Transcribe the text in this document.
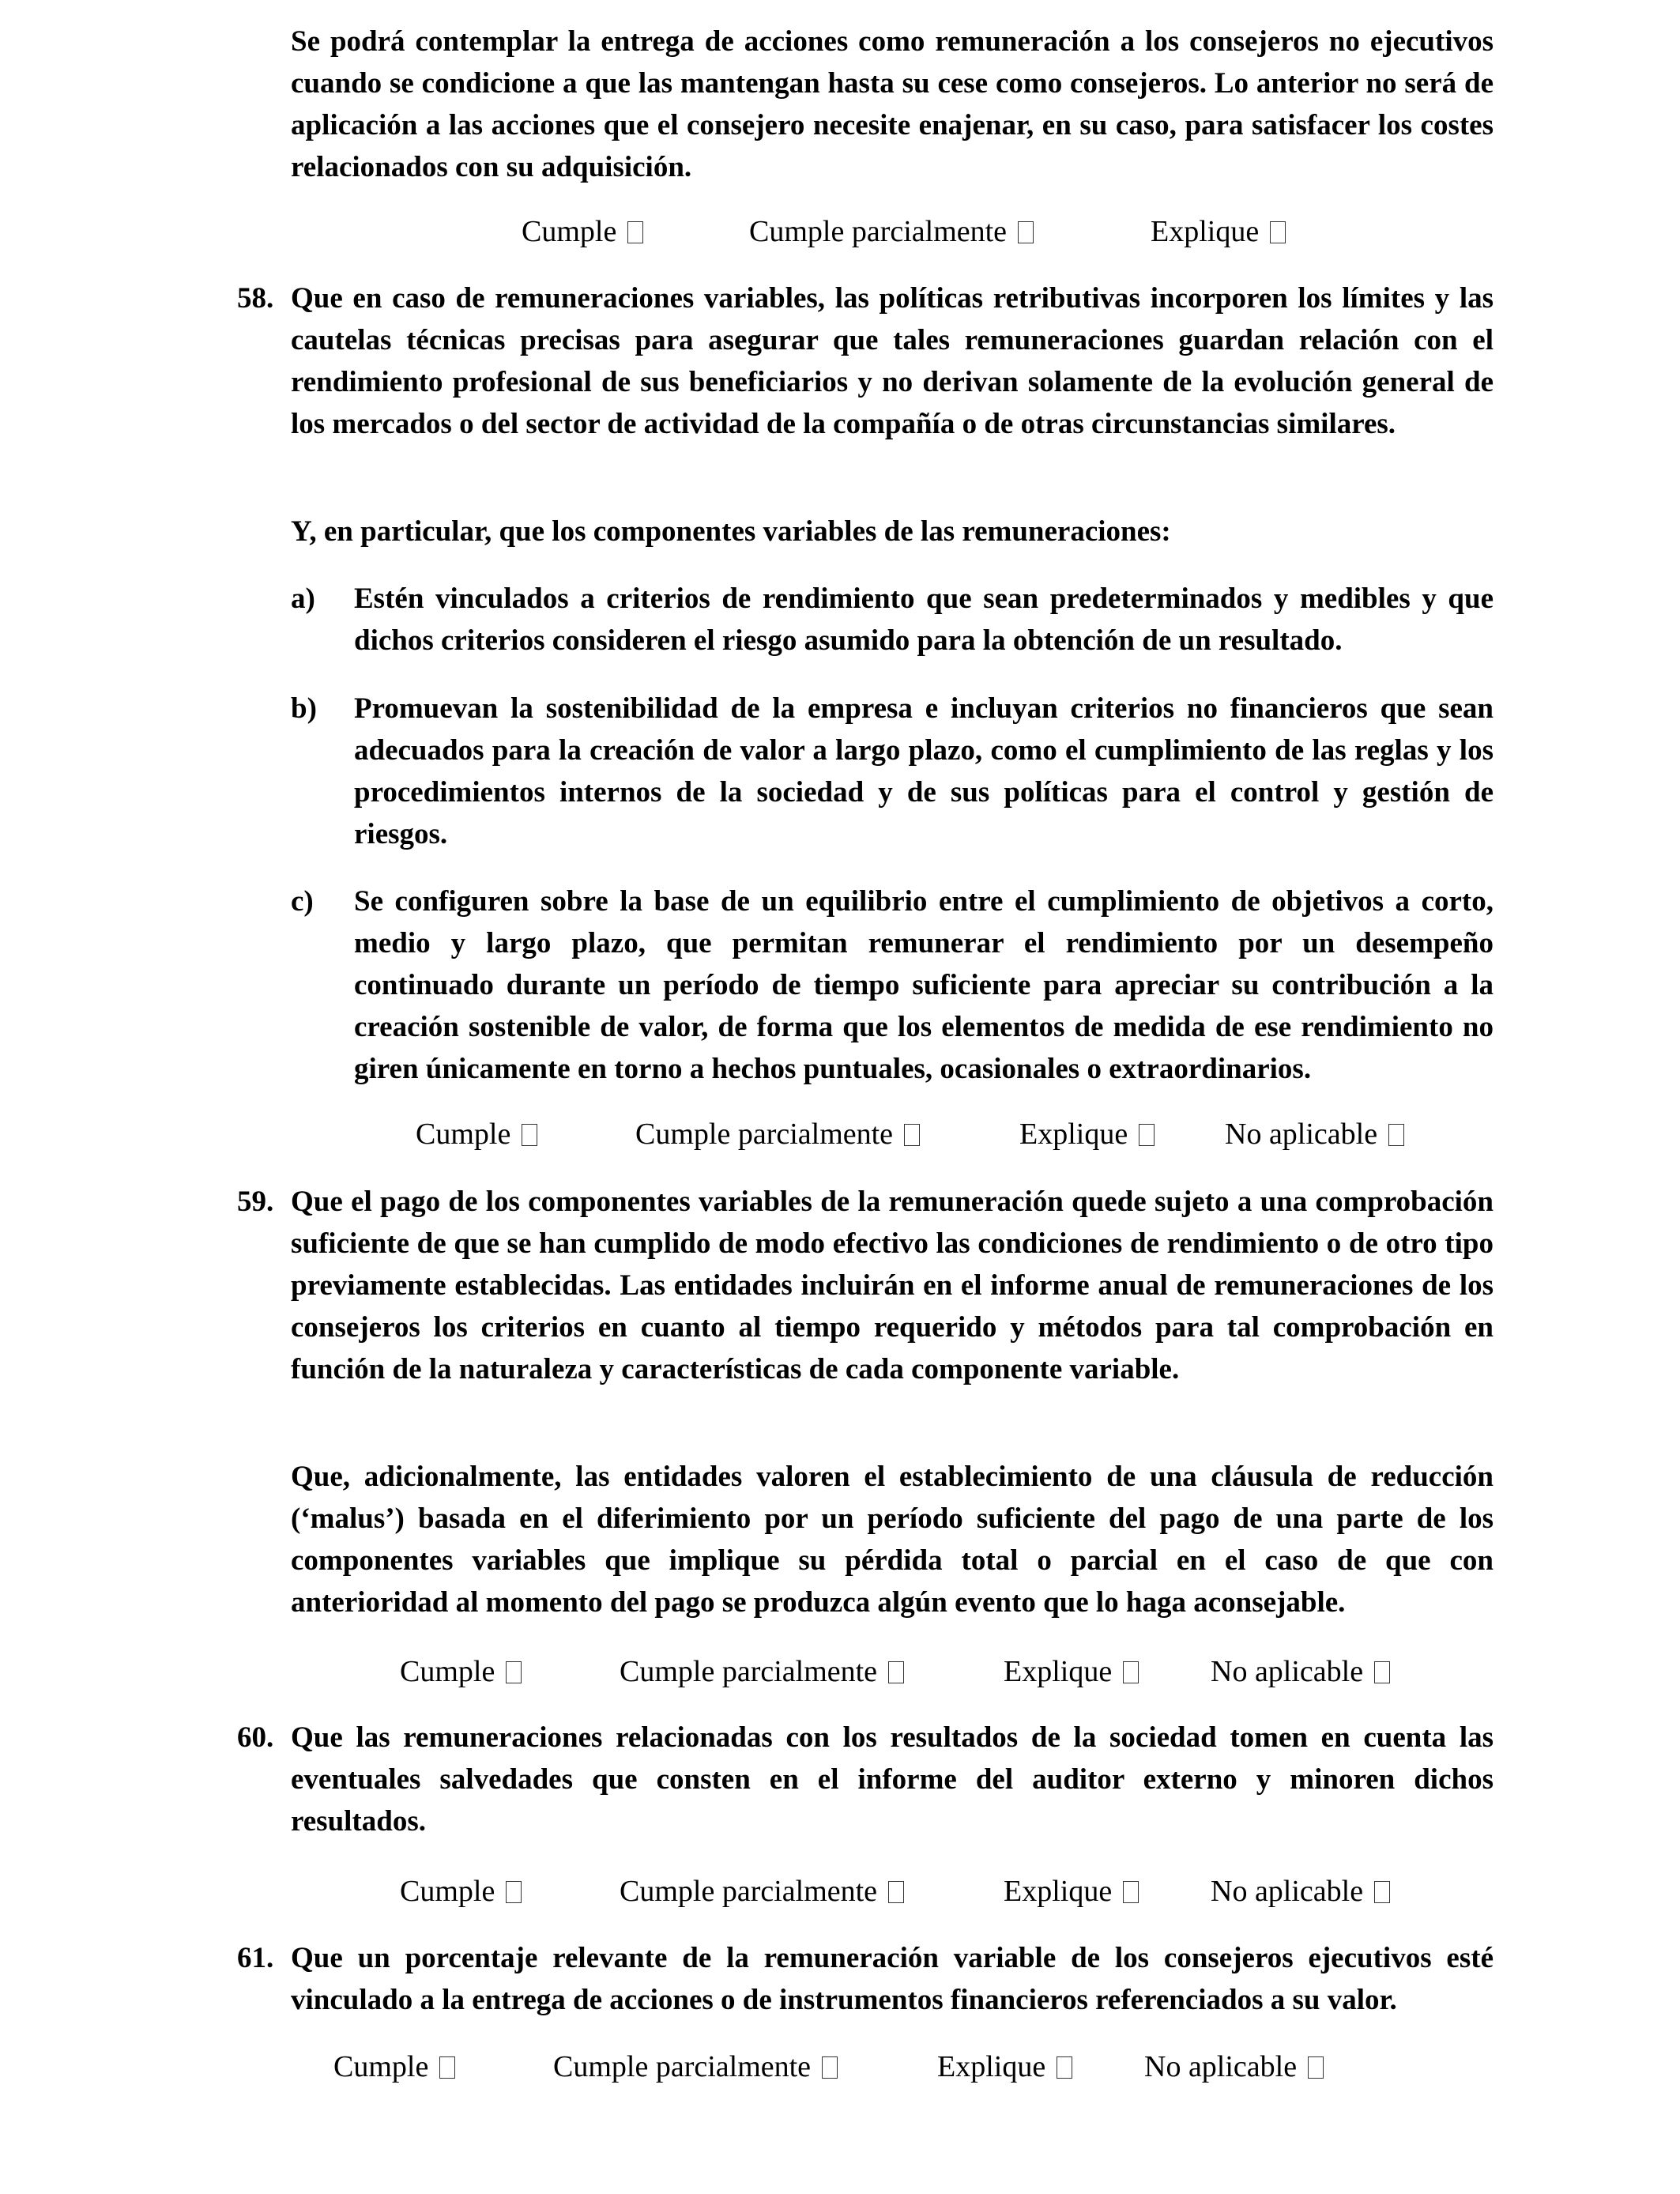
Se podrá contemplar la entrega de acciones como remuneración a los consejeros no ejecutivos cuando se condicione a que las mantengan hasta su cese como consejeros. Lo anterior no será de aplicación a las acciones que el consejero necesite enajenar, en su caso, para satisfacer los costes relacionados con su adquisición.

Cumple	Cumple parcialmente	Explique
58. Que en caso de remuneraciones variables, las políticas retributivas incorporen los límites y las cautelas técnicas precisas para asegurar que tales remuneraciones guardan relación con el rendimiento profesional de sus beneficiarios y no derivan solamente de la evolución general de los mercados o del sector de actividad de la compañía o de otras circunstancias similares.

Y, en particular, que los componentes variables de las remuneraciones:

a)	Estén vinculados a criterios de rendimiento que sean predeterminados y medibles y que dichos criterios consideren el riesgo asumido para la obtención de un resultado.
b)	Promuevan la sostenibilidad de la empresa e incluyan criterios no financieros que sean adecuados para la creación de valor a largo plazo, como el cumplimiento de las reglas y los procedimientos internos de la sociedad y de sus políticas para el control y gestión de riesgos.
c)	Se configuren sobre la base de un equilibrio entre el cumplimiento de objetivos a corto, medio y largo plazo, que permitan remunerar el rendimiento por un desempeño continuado durante un período de tiempo suficiente para apreciar su contribución a la creación sostenible de valor, de forma que los elementos de medida de ese rendimiento no giren únicamente en torno a hechos puntuales, ocasionales o extraordinarios.
Cumple	Cumple parcialmente	Explique	No aplicable
59. Que el pago de los componentes variables de la remuneración quede sujeto a una comprobación suficiente de que se han cumplido de modo efectivo las condiciones de rendimiento o de otro tipo previamente establecidas. Las entidades incluirán en el informe anual de remuneraciones de los consejeros los criterios en cuanto al tiempo requerido y métodos para tal comprobación en función de la naturaleza y características de cada componente variable.

Que, adicionalmente, las entidades valoren el establecimiento de una cláusula de reducción (‘malus’) basada en el diferimiento por un período suficiente del pago de una parte de los componentes variables que implique su pérdida total o parcial en el caso de que con anterioridad al momento del pago se produzca algún evento que lo haga aconsejable.

Cumple	Cumple parcialmente	Explique	No aplicable
60. Que las remuneraciones relacionadas con los resultados de la sociedad tomen en cuenta las eventuales salvedades que consten en el informe del auditor externo y minoren dichos resultados.
Cumple	Cumple parcialmente	Explique	No aplicable
61. Que un porcentaje relevante de la remuneración variable de los consejeros ejecutivos esté vinculado a la entrega de acciones o de instrumentos financieros referenciados a su valor.
Cumple	Cumple parcialmente	Explique	No aplicable
